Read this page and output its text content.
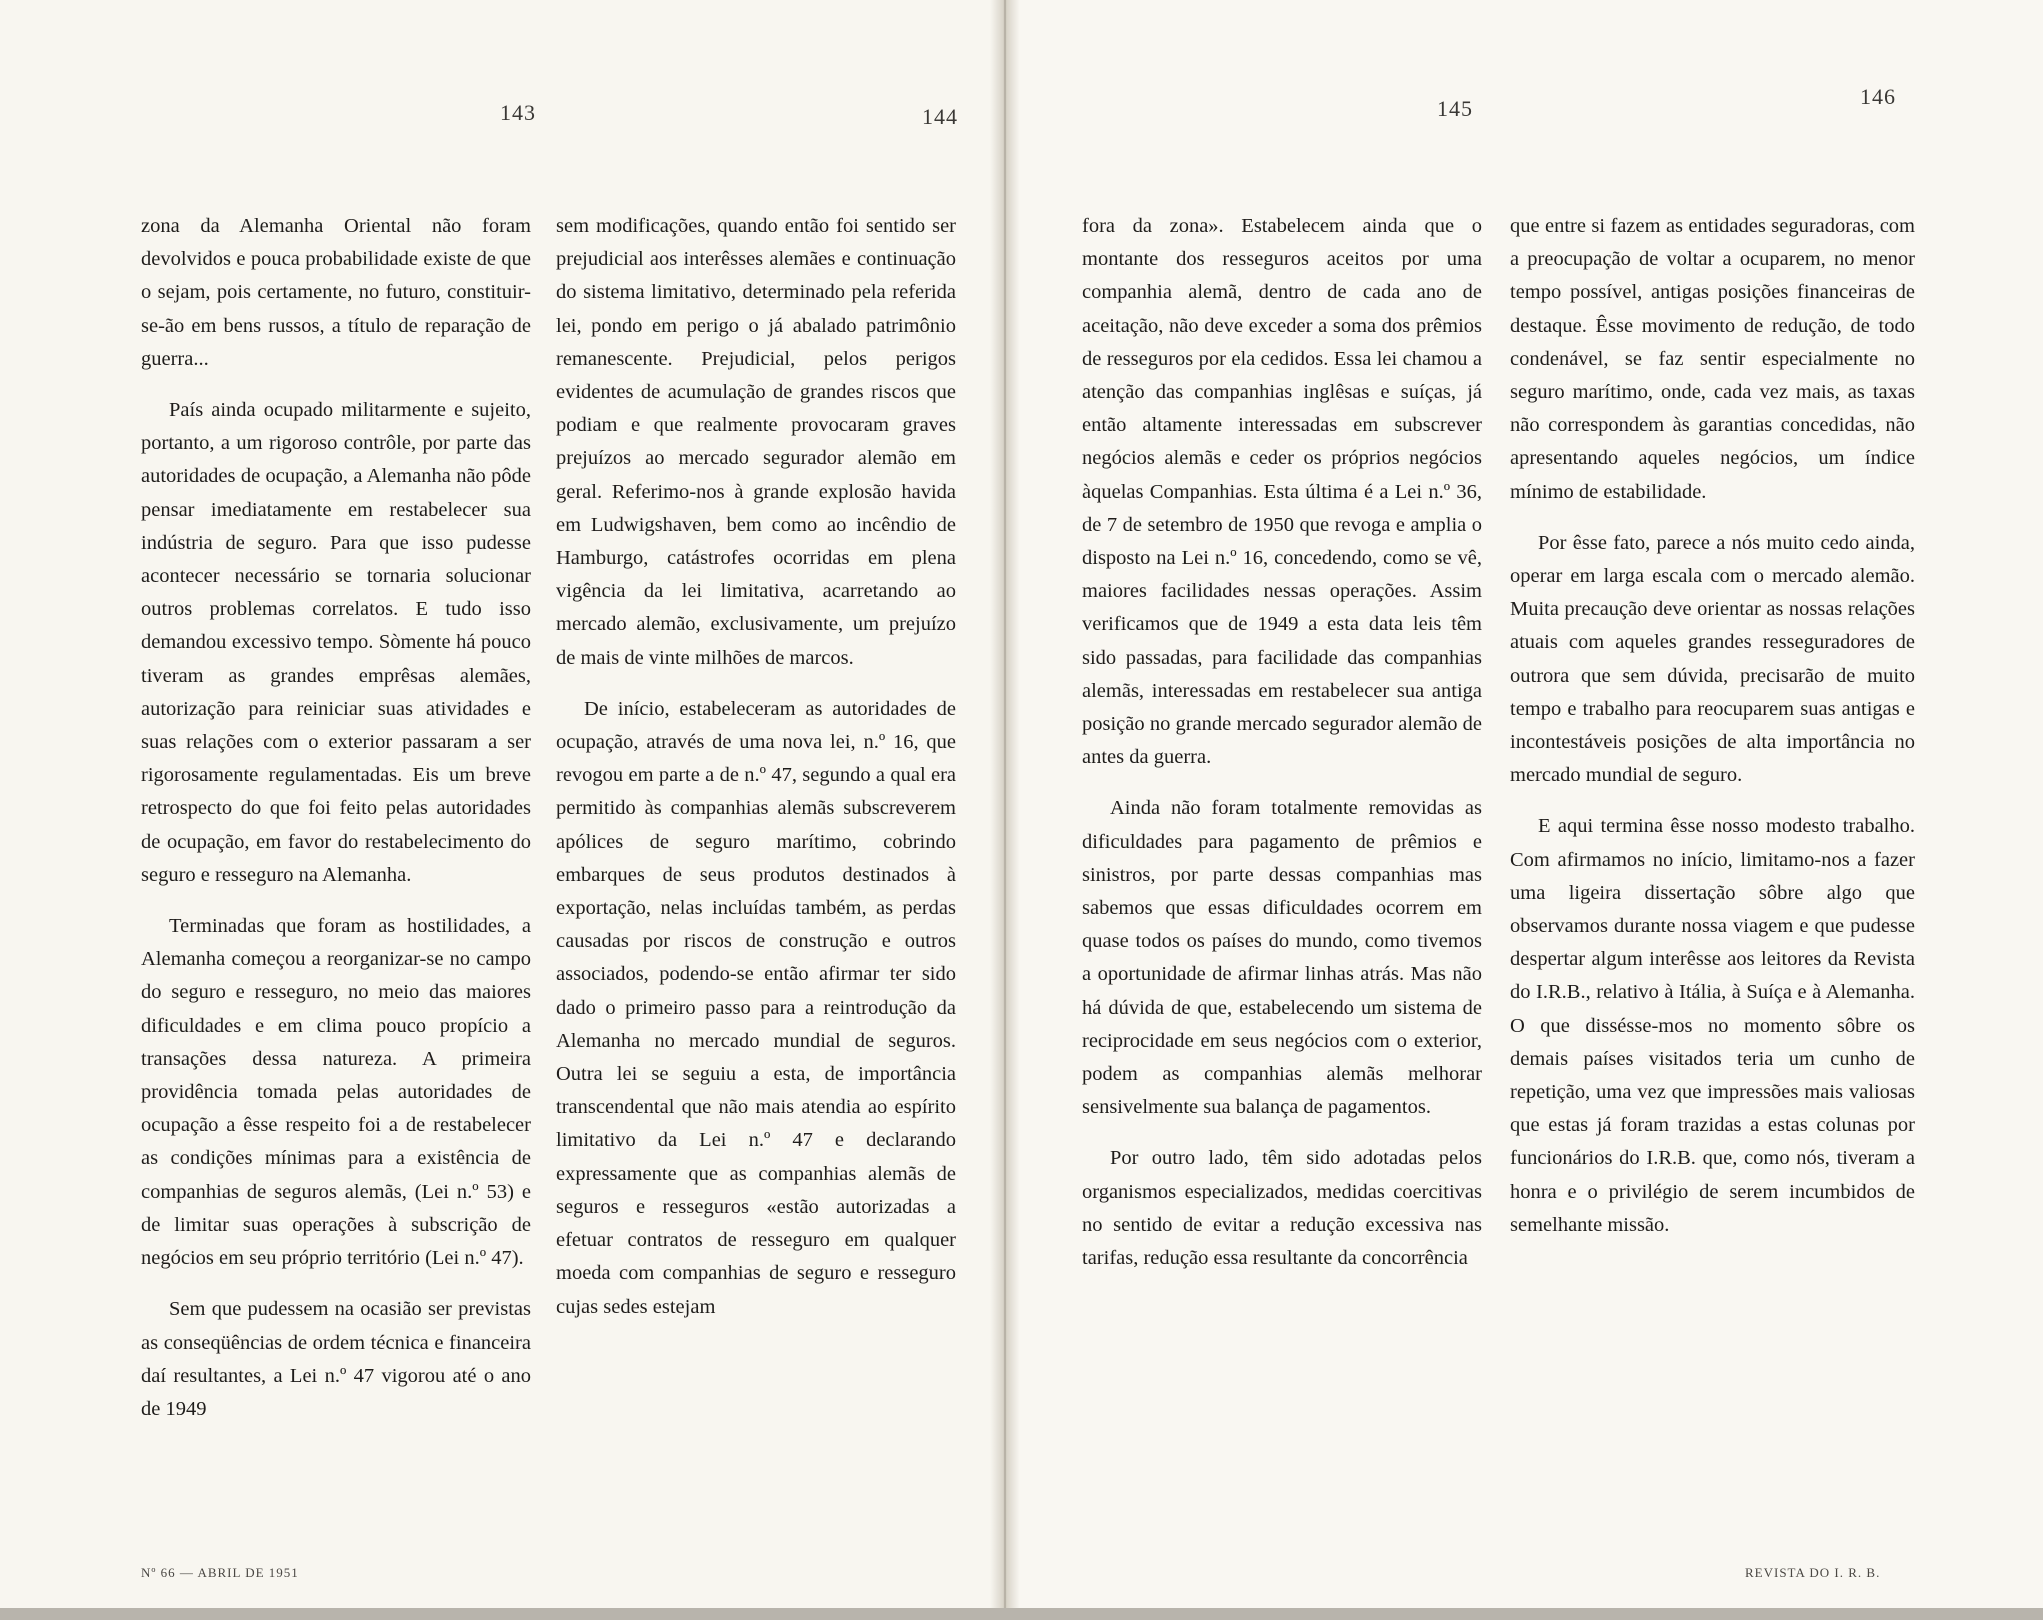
143	144	145	146

zona da Alemanha Oriental não foram devolvidos e pouca probabilidade existe de que o sejam, pois certamente, no futuro, constituir-se-ão em bens russos, a título de reparação de guerra...

País ainda ocupado militarmente e sujeito, portanto, a um rigoroso contrôle, por parte das autoridades de ocupação, a Alemanha não pôde pensar imediatamente em restabelecer sua indústria de seguro. Para que isso pudesse acontecer necessário se tornaria solucionar outros problemas correlatos. E tudo isso demandou excessivo tempo. Sòmente há pouco tiveram as grandes emprêsas alemães, autorização para reiniciar suas atividades e suas relações com o exterior passaram a ser rigorosamente regulamentadas. Eis um breve retrospecto do que foi feito pelas autoridades de ocupação, em favor do restabelecimento do seguro e resseguro na Alemanha.

Terminadas que foram as hostilidades, a Alemanha começou a reorganizar-se no campo do seguro e resseguro, no meio das maiores dificuldades e em clima pouco propício a transações dessa natureza. A primeira providência tomada pelas autoridades de ocupação a êsse respeito foi a de restabelecer as condições mínimas para a existência de companhias de seguros alemãs, (Lei n.º 53) e de limitar suas operações à subscrição de negócios em seu próprio território (Lei n.º 47).

Sem que pudessem na ocasião ser previstas as conseqüências de ordem técnica e financeira daí resultantes, a Lei n.º 47 vigorou até o ano de 1949

sem modificações, quando então foi sentido ser prejudicial aos interêsses alemães e continuação do sistema limitativo, determinado pela referida lei, pondo em perigo o já abalado patrimônio remanescente. Prejudicial, pelos perigos evidentes de acumulação de grandes riscos que podiam e que realmente provocaram graves prejuízos ao mercado segurador alemão em geral. Referimo-nos à grande explosão havida em Ludwigshaven, bem como ao incêndio de Hamburgo, catástrofes ocorridas em plena vigência da lei limitativa, acarretando ao mercado alemão, exclusivamente, um prejuízo de mais de vinte milhões de marcos.

De início, estabeleceram as autoridades de ocupação, através de uma nova lei, n.º 16, que revogou em parte a de n.º 47, segundo a qual era permitido às companhias alemãs subscreverem apólices de seguro marítimo, cobrindo embarques de seus produtos destinados à exportação, nelas incluídas também, as perdas causadas por riscos de construção e outros associados, podendo-se então afirmar ter sido dado o primeiro passo para a reintrodução da Alemanha no mercado mundial de seguros. Outra lei se seguiu a esta, de importância transcendental que não mais atendia ao espírito limitativo da Lei n.º 47 e declarando expressamente que as companhias alemãs de seguros e resseguros «estão autorizadas a efetuar contratos de resseguro em qualquer moeda com companhias de seguro e resseguro cujas sedes estejam

fora da zona». Estabelecem ainda que o montante dos resseguros aceitos por uma companhia alemã, dentro de cada ano de aceitação, não deve exceder a soma dos prêmios de resseguros por ela cedidos. Essa lei chamou a atenção das companhias inglêsas e suíças, já então altamente interessadas em subscrever negócios alemãs e ceder os próprios negócios àquelas Companhias. Esta última é a Lei n.º 36, de 7 de setembro de 1950 que revoga e amplia o disposto na Lei n.º 16, concedendo, como se vê, maiores facilidades nessas operações. Assim verificamos que de 1949 a esta data leis têm sido passadas, para facilidade das companhias alemãs, interessadas em restabelecer sua antiga posição no grande mercado segurador alemão de antes da guerra.

Ainda não foram totalmente removidas as dificuldades para pagamento de prêmios e sinistros, por parte dessas companhias mas sabemos que essas dificuldades ocorrem em quase todos os países do mundo, como tivemos a oportunidade de afirmar linhas atrás. Mas não há dúvida de que, estabelecendo um sistema de reciprocidade em seus negócios com o exterior, podem as companhias alemãs melhorar sensivelmente sua balança de pagamentos.

Por outro lado, têm sido adotadas pelos organismos especializados, medidas coercitivas no sentido de evitar a redução excessiva nas tarifas, redução essa resultante da concorrência

que entre si fazem as entidades seguradoras, com a preocupação de voltar a ocuparem, no menor tempo possível, antigas posições financeiras de destaque. Êsse movimento de redução, de todo condenável, se faz sentir especialmente no seguro marítimo, onde, cada vez mais, as taxas não correspondem às garantias concedidas, não apresentando aqueles negócios, um índice mínimo de estabilidade.

Por êsse fato, parece a nós muito cedo ainda, operar em larga escala com o mercado alemão. Muita precaução deve orientar as nossas relações atuais com aqueles grandes resseguradores de outrora que sem dúvida, precisarão de muito tempo e trabalho para reocuparem suas antigas e incontestáveis posições de alta importância no mercado mundial de seguro.

E aqui termina êsse nosso modesto trabalho. Com afirmamos no início, limitamo-nos a fazer uma ligeira dissertação sôbre algo que observamos durante nossa viagem e que pudesse despertar algum interêsse aos leitores da Revista do I.R.B., relativo à Itália, à Suíça e à Alemanha. O que dissésse-mos no momento sôbre os demais países visitados teria um cunho de repetição, uma vez que impressões mais valiosas que estas já foram trazidas a estas colunas por funcionários do I.R.B. que, como nós, tiveram a honra e o privilégio de serem incumbidos de semelhante missão.

Nº 66 — ABRIL DE 1951	REVISTA DO I. R. B.
